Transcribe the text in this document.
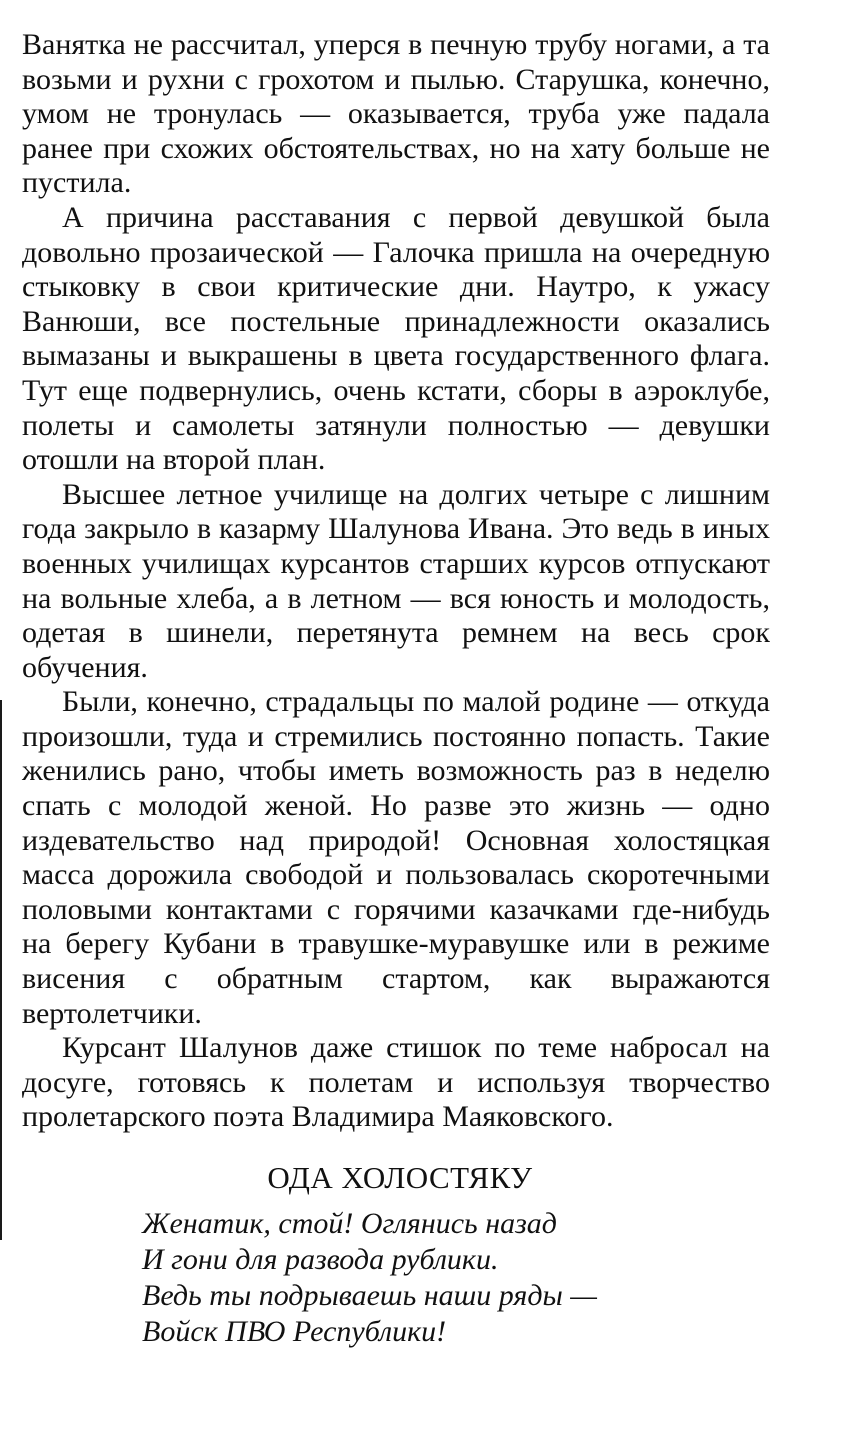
Ванятка не рассчитал, уперся в печную трубу ногами, а та возьми и рухни с грохотом и пылью. Старушка, конечно, умом не тронулась — оказывается, труба уже падала ранее при схожих обстоятельствах, но на хату больше не пустила.

А причина расставания с первой девушкой была довольно прозаической — Галочка пришла на очередную стыковку в свои критические дни. Наутро, к ужасу Ванюши, все постельные принадлежности оказались вымазаны и выкрашены в цвета государственного флага. Тут еще подвернулись, очень кстати, сборы в аэроклубе, полеты и самолеты затянули полностью — девушки отошли на второй план.

Высшее летное училище на долгих четыре с лишним года закрыло в казарму Шалунова Ивана. Это ведь в иных военных училищах курсантов старших курсов отпускают на вольные хлеба, а в летном — вся юность и молодость, одетая в шинели, перетянута ремнем на весь срок обучения.

Были, конечно, страдальцы по малой родине — откуда произошли, туда и стремились постоянно попасть. Такие женились рано, чтобы иметь возможность раз в неделю спать с молодой женой. Но разве это жизнь — одно издевательство над природой! Основная холостяцкая масса дорожила свободой и пользовалась скоротечными половыми контактами с горячими казачками где-нибудь на берегу Кубани в травушке-муравушке или в режиме висения с обратным стартом, как выражаются вертолетчики.

Курсант Шалунов даже стишок по теме набросал на досуге, готовясь к полетам и используя творчество пролетарского поэта Владимира Маяковского.

ОДА ХОЛОСТЯКУ
Женатик, стой! Оглянись назад
И гони для развода рублики.
Ведь ты подрываешь наши ряды —
Войск ПВО Республики!
